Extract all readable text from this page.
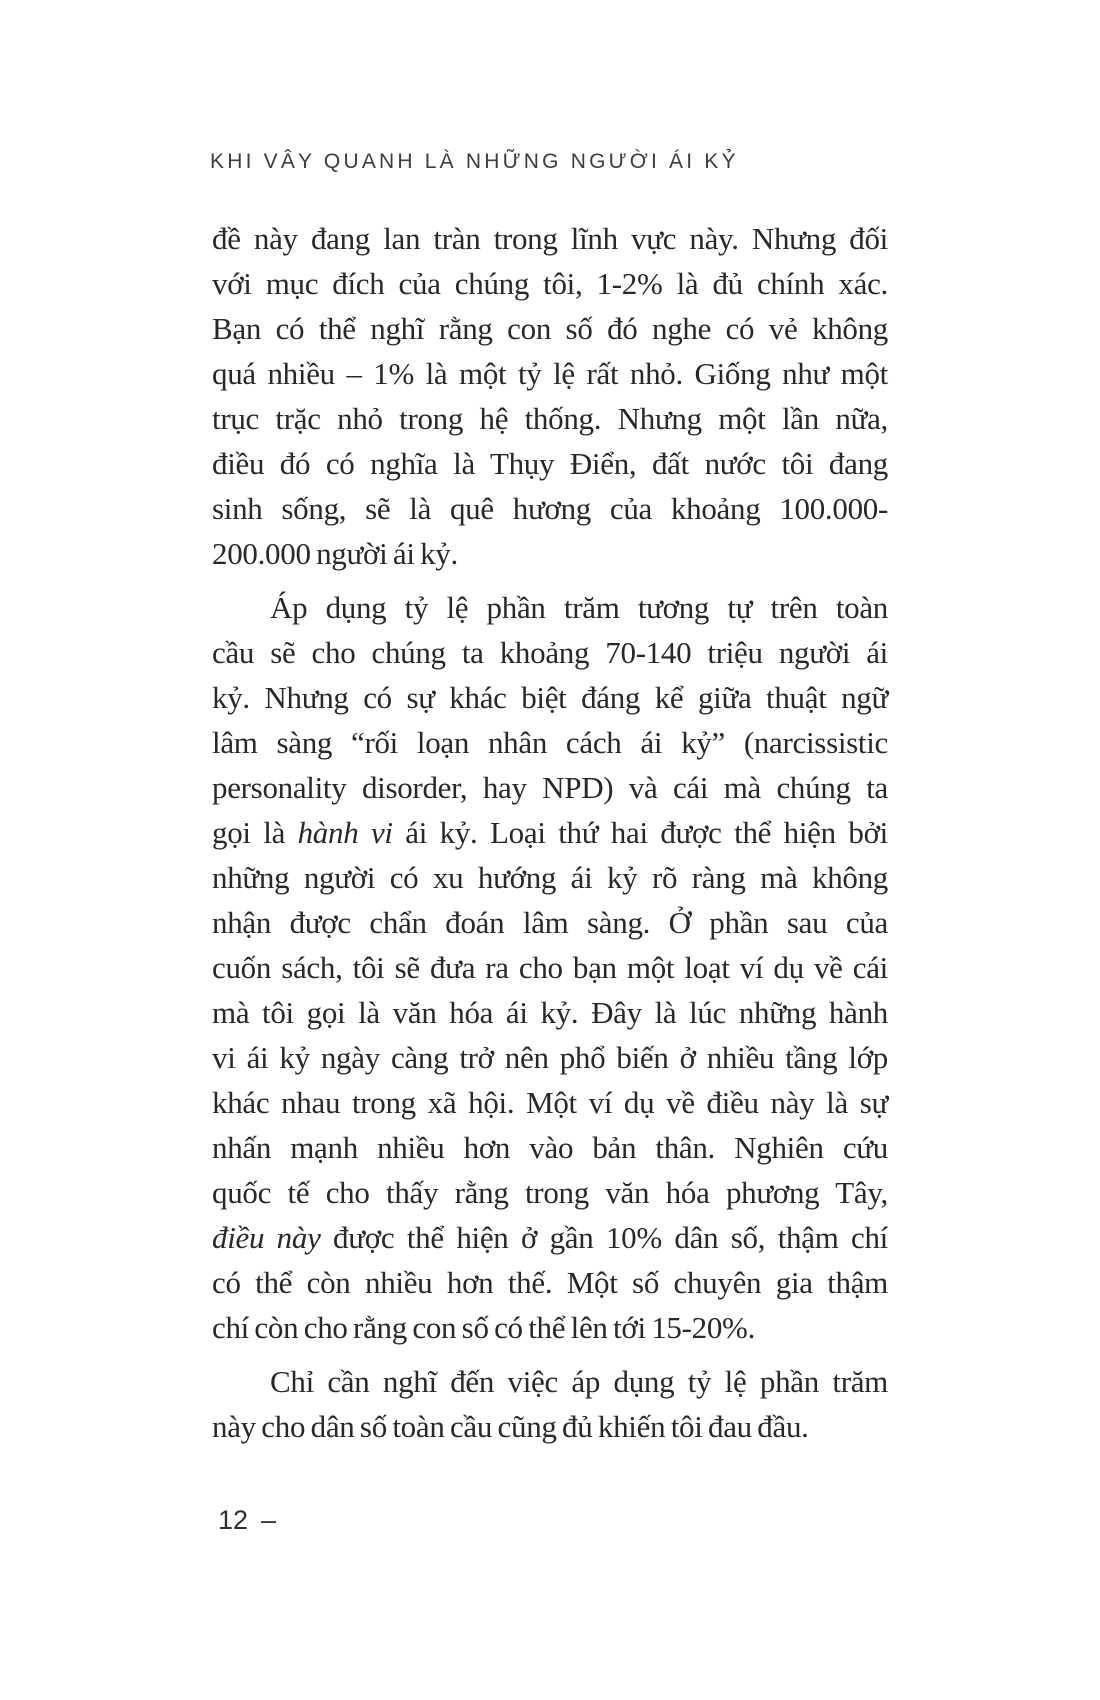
KHI VÂY QUANH LÀ NHỮNG NGƯỜI ÁI KỶ
đề này đang lan tràn trong lĩnh vực này. Nhưng đối
với mục đích của chúng tôi, 1-2% là đủ chính xác.
Bạn có thể nghĩ rằng con số đó nghe có vẻ không
quá nhiều – 1% là một tỷ lệ rất nhỏ. Giống như một
trục trặc nhỏ trong hệ thống. Nhưng một lần nữa,
điều đó có nghĩa là Thụy Điển, đất nước tôi đang
sinh sống, sẽ là quê hương của khoảng 100.000-
200.000 người ái kỷ.
Áp dụng tỷ lệ phần trăm tương tự trên toàn
cầu sẽ cho chúng ta khoảng 70-140 triệu người ái
kỷ. Nhưng có sự khác biệt đáng kể giữa thuật ngữ
lâm sàng “rối loạn nhân cách ái kỷ” (narcissistic
personality disorder, hay NPD) và cái mà chúng ta
gọi là hành vi ái kỷ. Loại thứ hai được thể hiện bởi
những người có xu hướng ái kỷ rõ ràng mà không
nhận được chẩn đoán lâm sàng. Ở phần sau của
cuốn sách, tôi sẽ đưa ra cho bạn một loạt ví dụ về cái
mà tôi gọi là văn hóa ái kỷ. Đây là lúc những hành
vi ái kỷ ngày càng trở nên phổ biến ở nhiều tầng lớp
khác nhau trong xã hội. Một ví dụ về điều này là sự
nhấn mạnh nhiều hơn vào bản thân. Nghiên cứu
quốc tế cho thấy rằng trong văn hóa phương Tây,
điều này được thể hiện ở gần 10% dân số, thậm chí
có thể còn nhiều hơn thế. Một số chuyên gia thậm
chí còn cho rằng con số có thể lên tới 15-20%.
Chỉ cần nghĩ đến việc áp dụng tỷ lệ phần trăm
này cho dân số toàn cầu cũng đủ khiến tôi đau đầu.
12 –
